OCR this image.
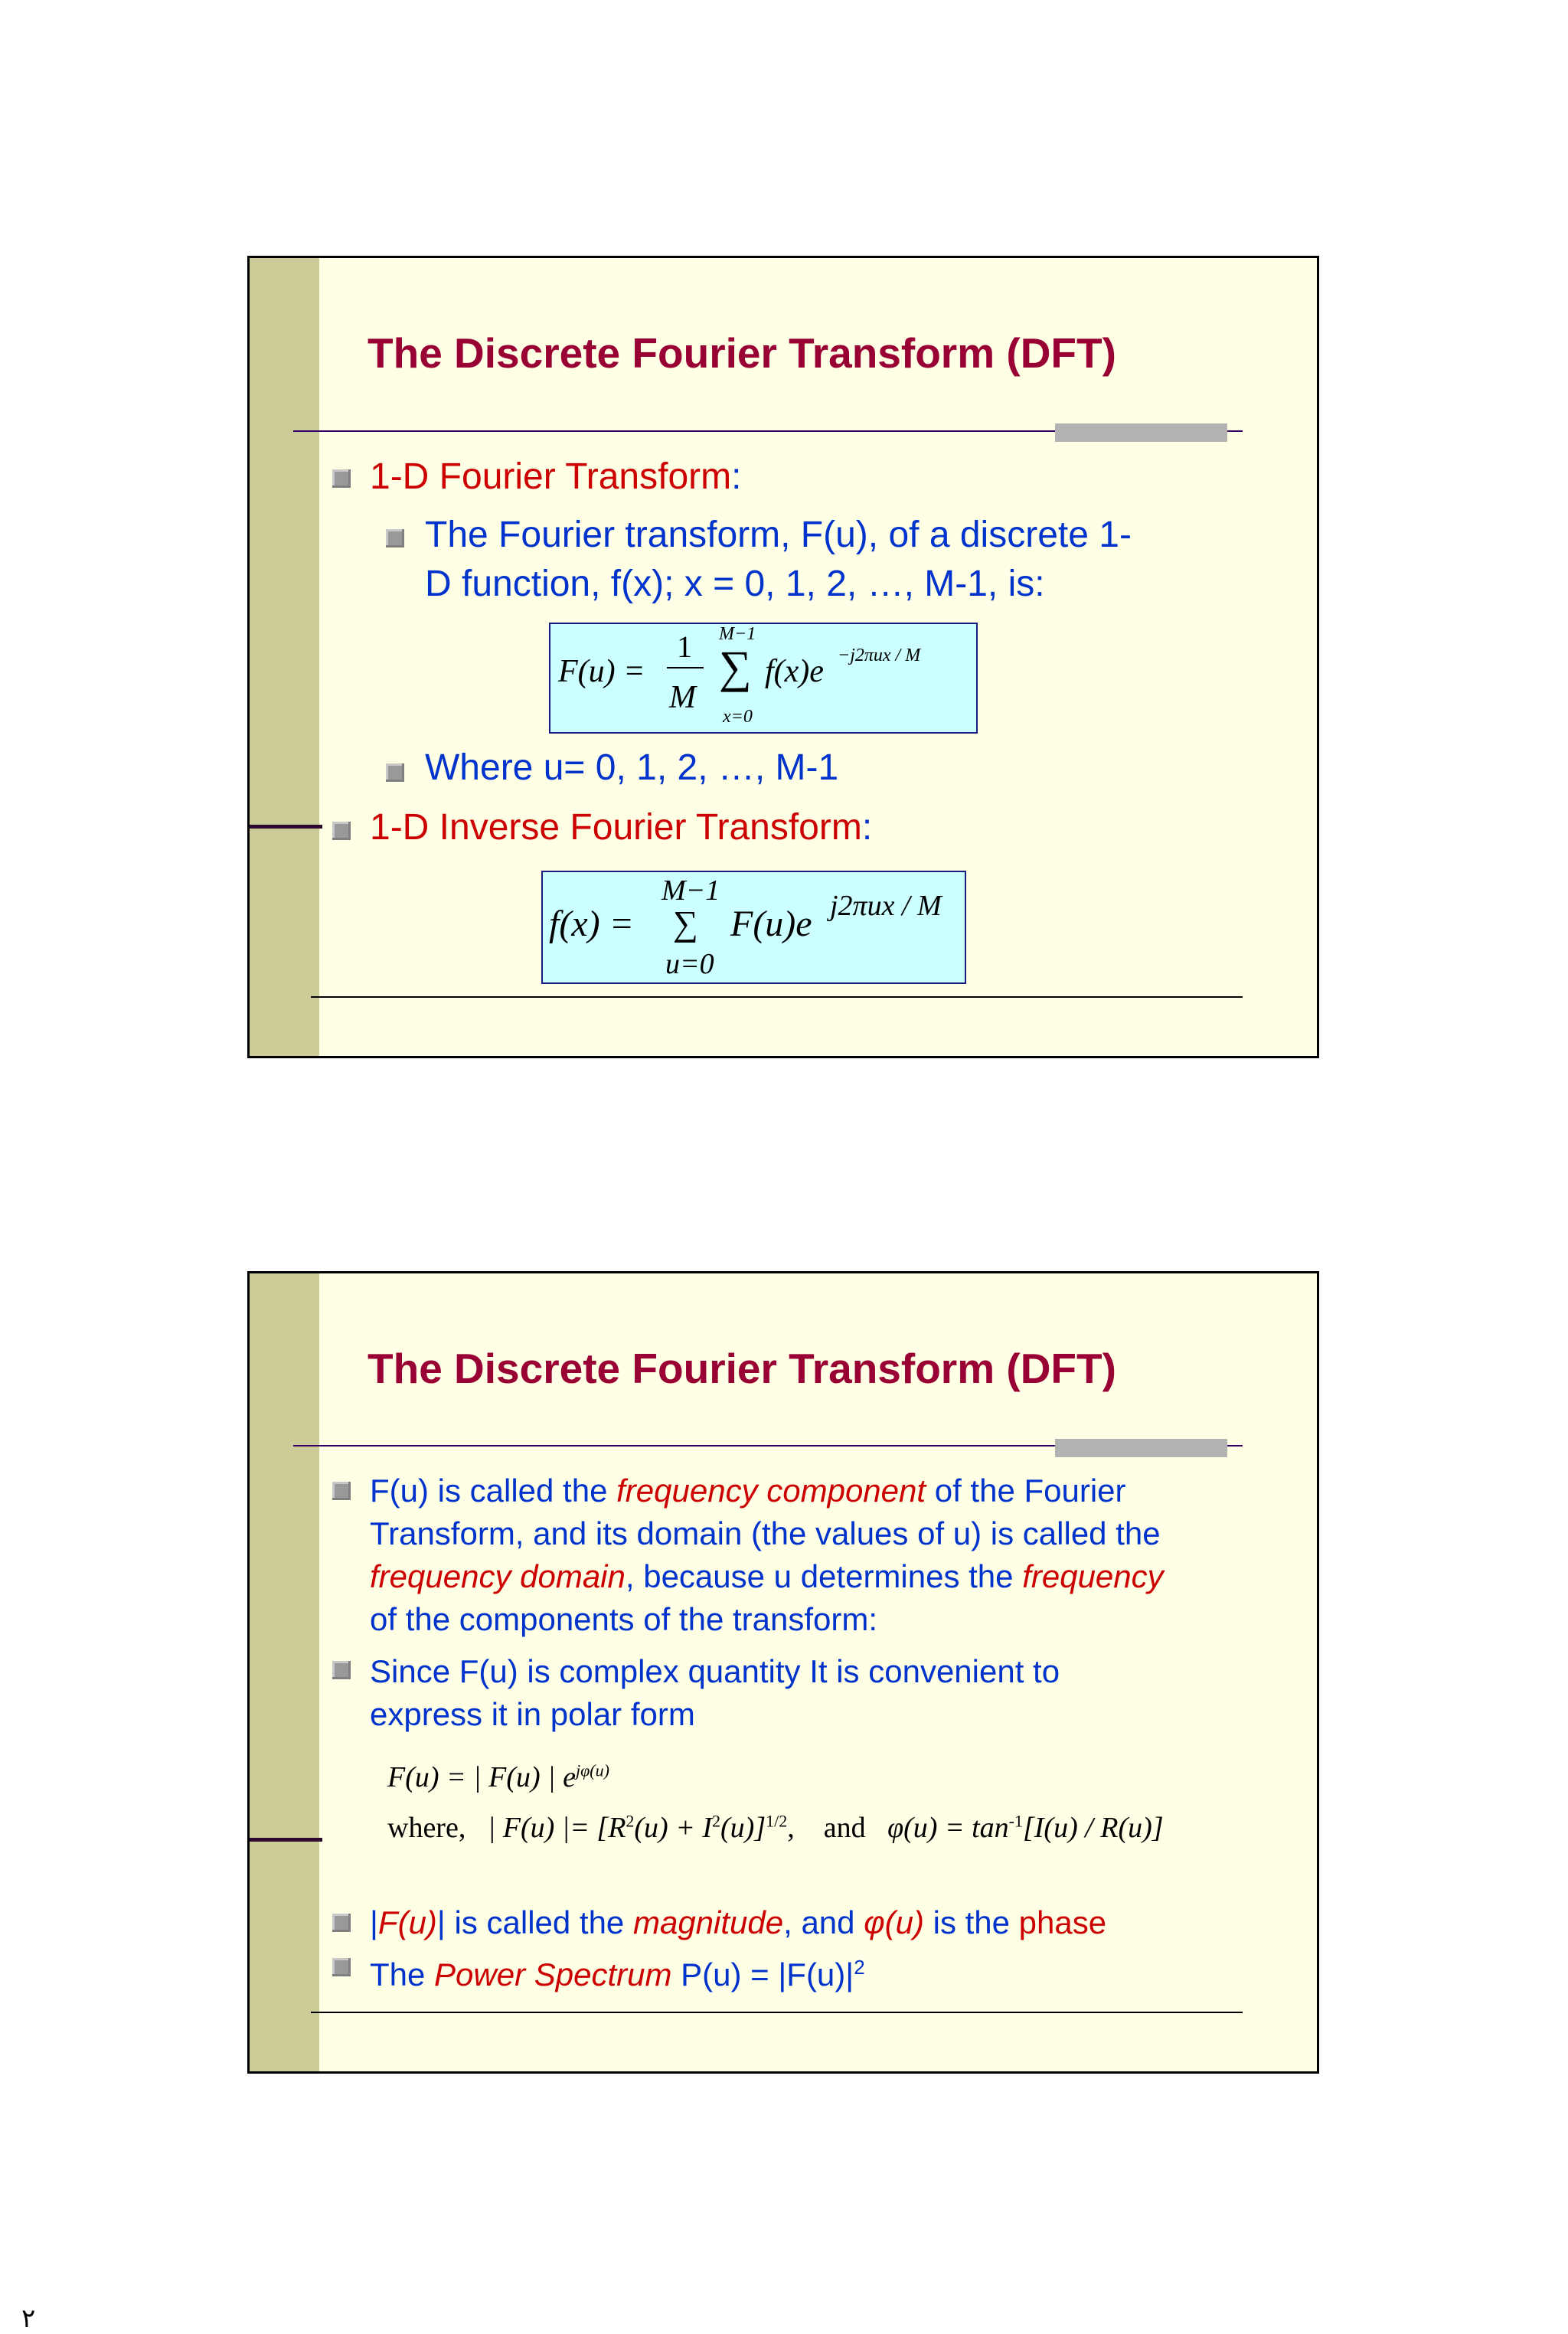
The Discrete Fourier Transform (DFT)
1-D Fourier Transform:
The Fourier transform, F(u), of a discrete 1-
D function, f(x); x = 0, 1, 2, …, M-1, is:
F(u) =
1
M
M−1
∑
x=0
f(x)e −j2πux / M
Where u= 0, 1, 2, …, M-1
1-D Inverse Fourier Transform:
f(x) =
M−1
∑
u=0
F(u)e j2πux / M
The Discrete Fourier Transform (DFT)
F(u) is called the frequency component of the Fourier
Transform, and its domain (the values of u) is called the
frequency domain, because u determines the frequency
of the components of the transform:
Since F(u) is complex quantity It is convenient to
express it in polar form
F(u) = | F(u) | $e^{j\varphi(u)}$
where, | F(u) |= $[R^2(u) + I^2(u)]^{1/2}$, and $\varphi(u) = \tan^{-1}[I(u) / R(u)]$
|F(u)| is called the magnitude, and φ(u) is the phase
The Power Spectrum $P(u) = |F(u)|^2$
٢
